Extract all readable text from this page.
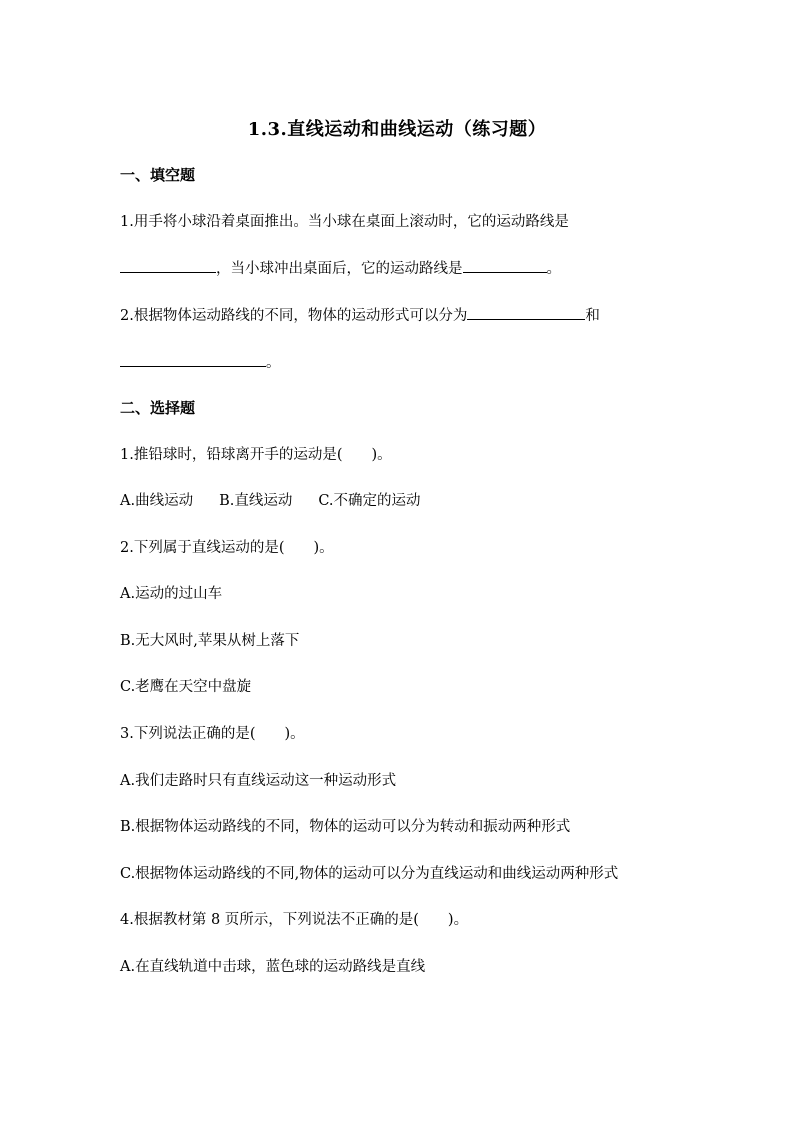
1.3.直线运动和曲线运动（练习题）
一、填空题
1.用手将小球沿着桌面推出。当小球在桌面上滚动时，它的运动路线是
，当小球冲出桌面后，它的运动路线是	。
2.根据物体运动路线的不同，物体的运动形式可以分为	和
。
二、选择题
1.推铅球时，铅球离开手的运动是(　　)。
A.曲线运动 B.直线运动 C.不确定的运动
2.下列属于直线运动的是(　　)。
A.运动的过山车
B.无大风时,苹果从树上落下
C.老鹰在天空中盘旋
3.下列说法正确的是(　　)。
A.我们走路时只有直线运动这一种运动形式
B.根据物体运动路线的不同，物体的运动可以分为转动和振动两种形式
C.根据物体运动路线的不同,物体的运动可以分为直线运动和曲线运动两种形式
4.根据教材第 8 页所示，下列说法不正确的是(　　)。
A.在直线轨道中击球，蓝色球的运动路线是直线
